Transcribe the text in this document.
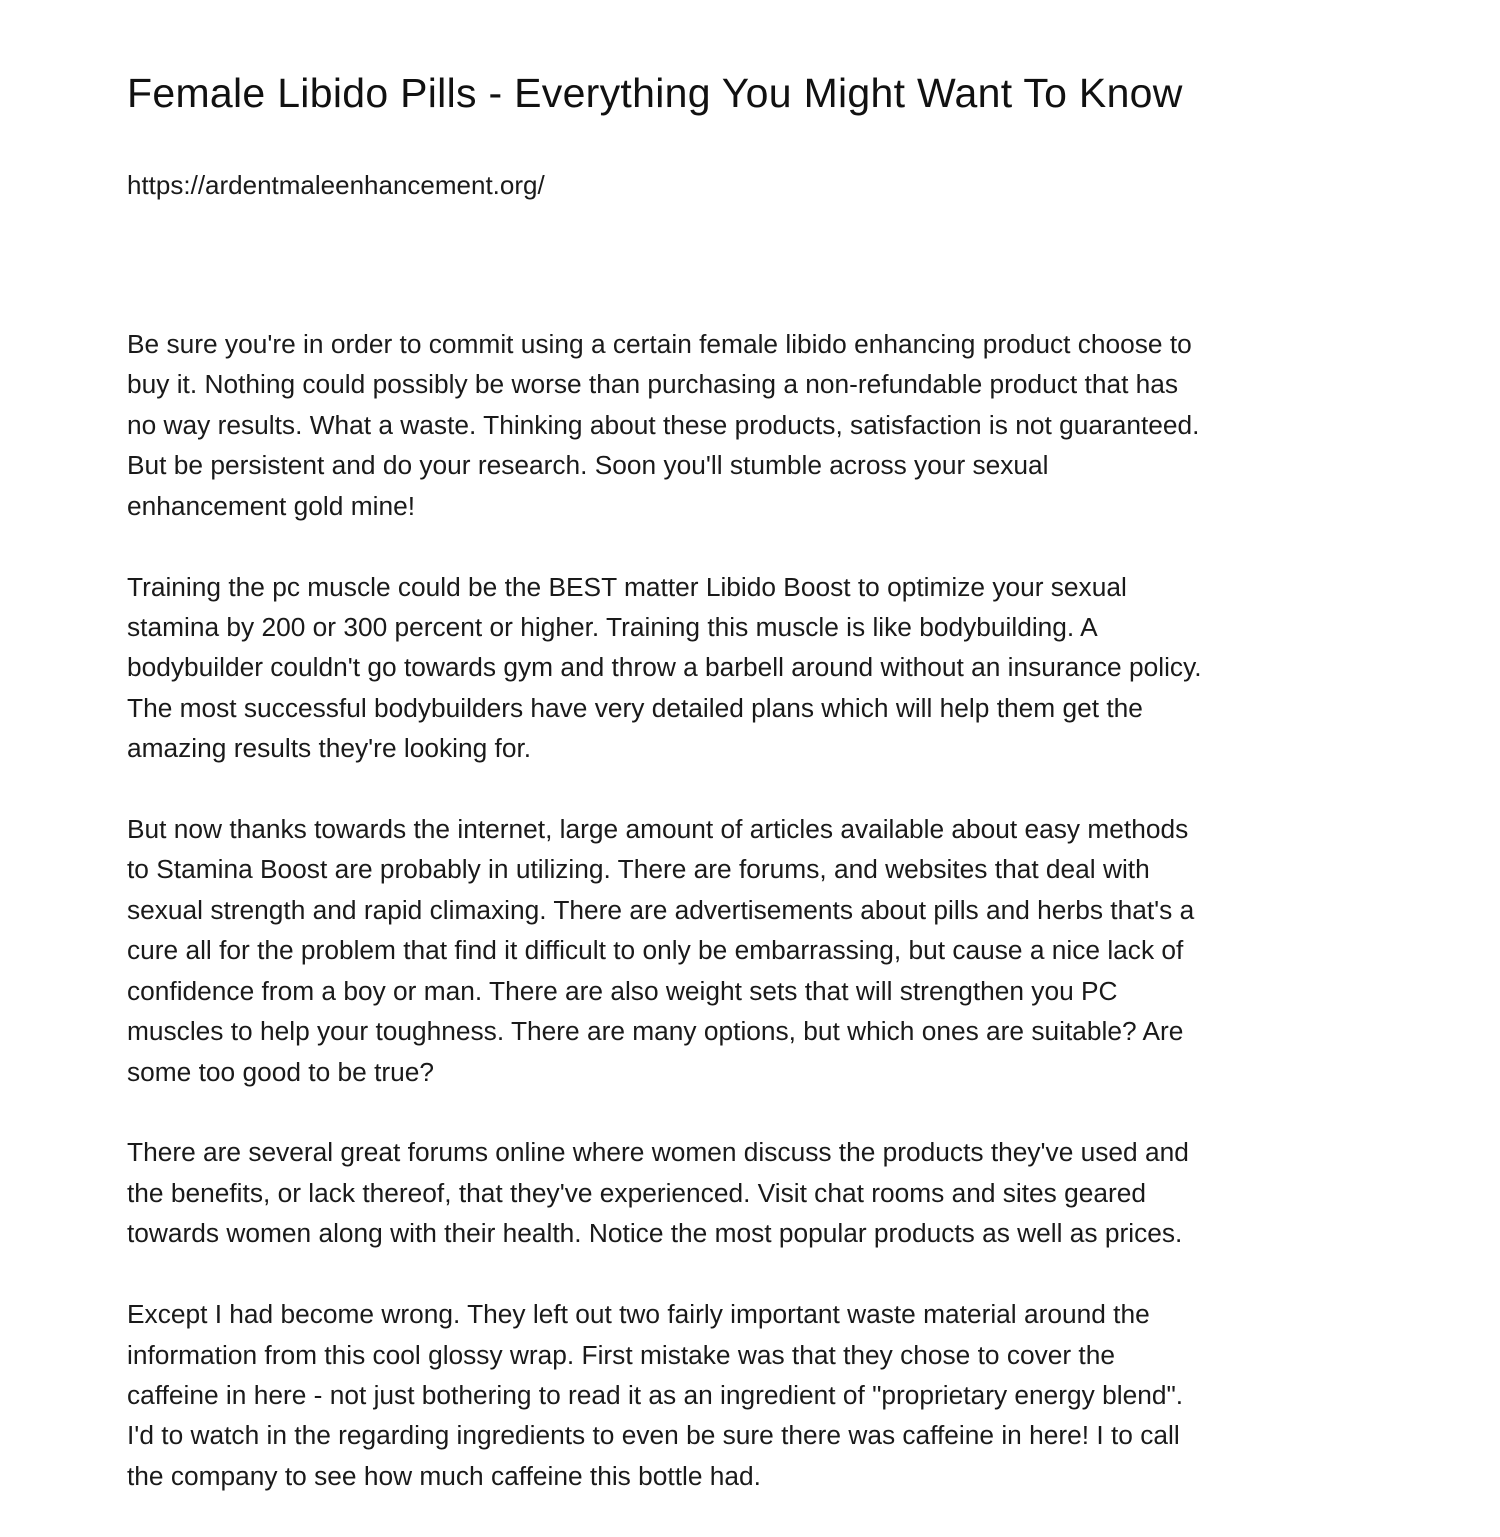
Female Libido Pills - Everything You Might Want To Know

https://ardentmaleenhancement.org/

Be sure you're in order to commit using a certain female libido enhancing product choose to
buy it. Nothing could possibly be worse than purchasing a non-refundable product that has
no way results. What a waste. Thinking about these products, satisfaction is not guaranteed.
But be persistent and do your research. Soon you'll stumble across your sexual
enhancement gold mine!

Training the pc muscle could be the BEST matter Libido Boost to optimize your sexual
stamina by 200 or 300 percent or higher. Training this muscle is like bodybuilding. A
bodybuilder couldn't go towards gym and throw a barbell around without an insurance policy.
The most successful bodybuilders have very detailed plans which will help them get the
amazing results they're looking for.

But now thanks towards the internet, large amount of articles available about easy methods
to Stamina Boost are probably in utilizing. There are forums, and websites that deal with
sexual strength and rapid climaxing. There are advertisements about pills and herbs that's a
cure all for the problem that find it difficult to only be embarrassing, but cause a nice lack of
confidence from a boy or man. There are also weight sets that will strengthen you PC
muscles to help your toughness. There are many options, but which ones are suitable? Are
some too good to be true?

There are several great forums online where women discuss the products they've used and
the benefits, or lack thereof, that they've experienced. Visit chat rooms and sites geared
towards women along with their health. Notice the most popular products as well as prices.

Except I had become wrong. They left out two fairly important waste material around the
information from this cool glossy wrap. First mistake was that they chose to cover the
caffeine in here - not just bothering to read it as an ingredient of "proprietary energy blend".
I'd to watch in the regarding ingredients to even be sure there was caffeine in here! I to call
the company to see how much caffeine this bottle had.
